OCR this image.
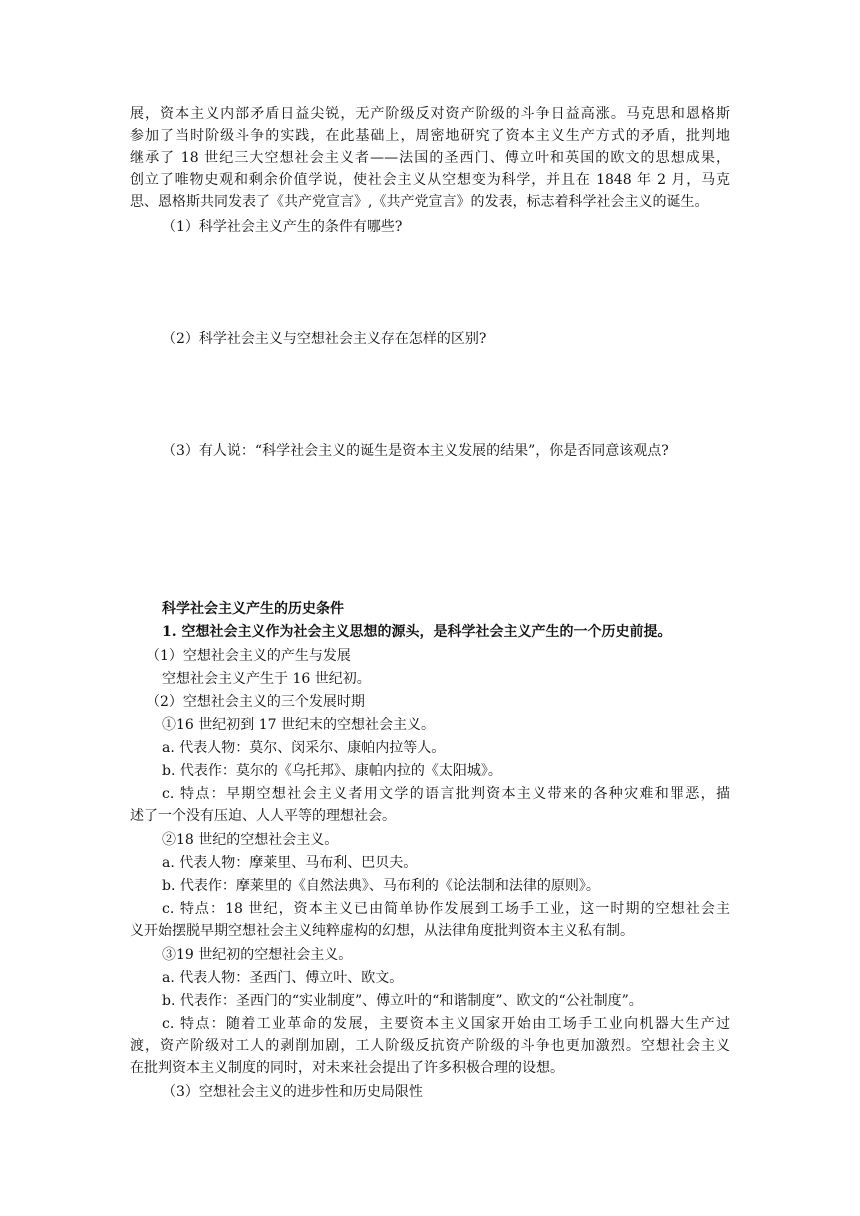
展，资本主义内部矛盾日益尖锐，无产阶级反对资产阶级的斗争日益高涨。马克思和恩格斯
参加了当时阶级斗争的实践，在此基础上，周密地研究了资本主义生产方式的矛盾，批判地
继承了 18 世纪三大空想社会主义者——法国的圣西门、傅立叶和英国的欧文的思想成果，
创立了唯物史观和剩余价值学说，使社会主义从空想变为科学，并且在 1848 年 2 月，马克
思、恩格斯共同发表了《共产党宣言》,《共产党宣言》的发表，标志着科学社会主义的诞生。
（1）科学社会主义产生的条件有哪些?
（2）科学社会主义与空想社会主义存在怎样的区别?
（3）有人说：“科学社会主义的诞生是资本主义发展的结果”，你是否同意该观点?
科学社会主义产生的历史条件
1. 空想社会主义作为社会主义思想的源头，是科学社会主义产生的一个历史前提。
（1）空想社会主义的产生与发展
空想社会主义产生于 16 世纪初。
（2）空想社会主义的三个发展时期
①16 世纪初到 17 世纪末的空想社会主义。
a. 代表人物：莫尔、闵采尔、康帕内拉等人。
b. 代表作：莫尔的《乌托邦》、康帕内拉的《太阳城》。
c. 特点：早期空想社会主义者用文学的语言批判资本主义带来的各种灾难和罪恶，描
述了一个没有压迫、人人平等的理想社会。
②18 世纪的空想社会主义。
a. 代表人物：摩莱里、马布利、巴贝夫。
b. 代表作：摩莱里的《自然法典》、马布利的《论法制和法律的原则》。
c. 特点：18 世纪，资本主义已由简单协作发展到工场手工业，这一时期的空想社会主
义开始摆脱早期空想社会主义纯粹虚构的幻想，从法律角度批判资本主义私有制。
③19 世纪初的空想社会主义。
a. 代表人物：圣西门、傅立叶、欧文。
b. 代表作：圣西门的“实业制度”、傅立叶的“和谐制度”、欧文的“公社制度”。
c. 特点：随着工业革命的发展，主要资本主义国家开始由工场手工业向机器大生产过
渡，资产阶级对工人的剥削加剧，工人阶级反抗资产阶级的斗争也更加激烈。空想社会主义
在批判资本主义制度的同时，对未来社会提出了许多积极合理的设想。
（3）空想社会主义的进步性和历史局限性
